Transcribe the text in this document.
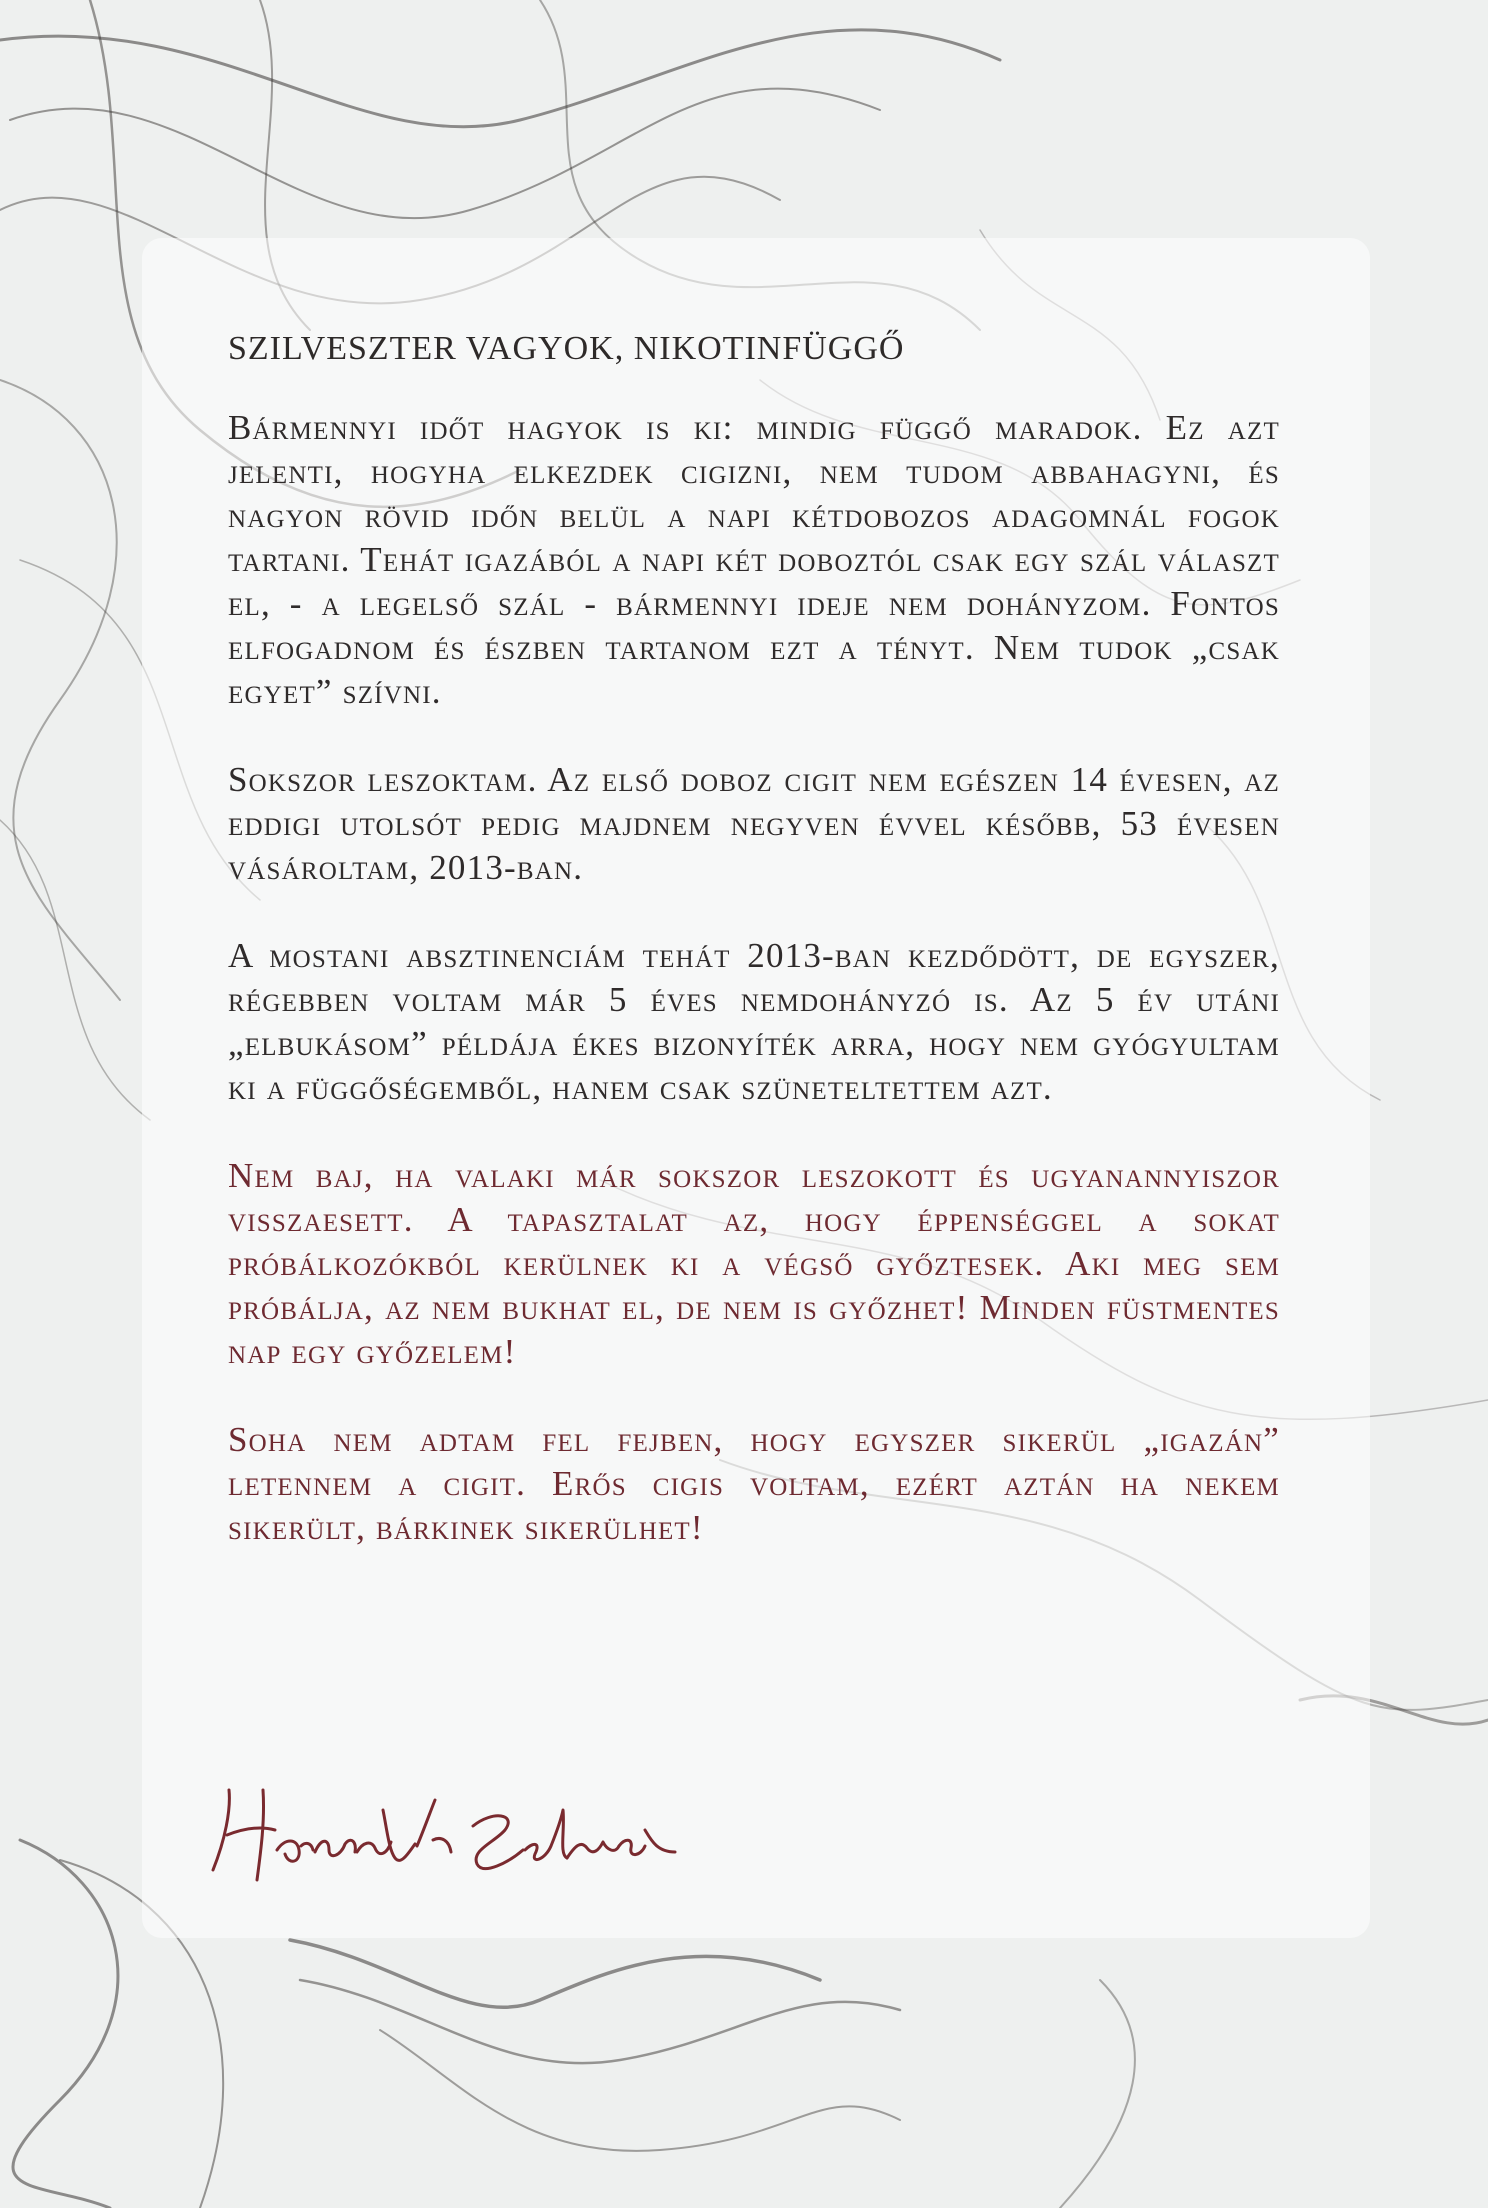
SZILVESZTER VAGYOK, NIKOTINFÜGGŐ

Bármennyi időt hagyok is ki: mindig függő maradok. Ez azt jelenti, hogyha elkezdek cigizni, nem tudom abbahagyni, és nagyon rövid időn belül a napi kétdobozos adagomnál fogok tartani. Tehát igazából a napi két doboztól csak egy szál választ el, - a legelső szál - bármennyi ideje nem dohányzom. Fontos elfogadnom és észben tartanom ezt a tényt. Nem tudok „csak egyet” szívni.

Sokszor leszoktam. Az első doboz cigit nem egészen 14 évesen, az eddigi utolsót pedig majdnem negyven évvel később, 53 évesen vásároltam, 2013-ban.

A mostani absztinenciám tehát 2013-ban kezdődött, de egyszer, régebben voltam már 5 éves nemdohányzó is. Az 5 év utáni „elbukásom” példája ékes bizonyíték arra, hogy nem gyógyultam ki a függőségemből, hanem csak szüneteltettem azt.

Nem baj, ha valaki már sokszor leszokott és ugyanannyiszor visszaesett. A tapasztalat az, hogy éppenséggel a sokat próbálkozókból kerülnek ki a végső győztesek. Aki meg sem próbálja, az nem bukhat el, de nem is győzhet! Minden füstmentes nap egy győzelem!

Soha nem adtam fel fejben, hogy egyszer sikerül „igazán” letennem a cigit. Erős cigis voltam, ezért aztán ha nekem sikerült, bárkinek sikerülhet!
